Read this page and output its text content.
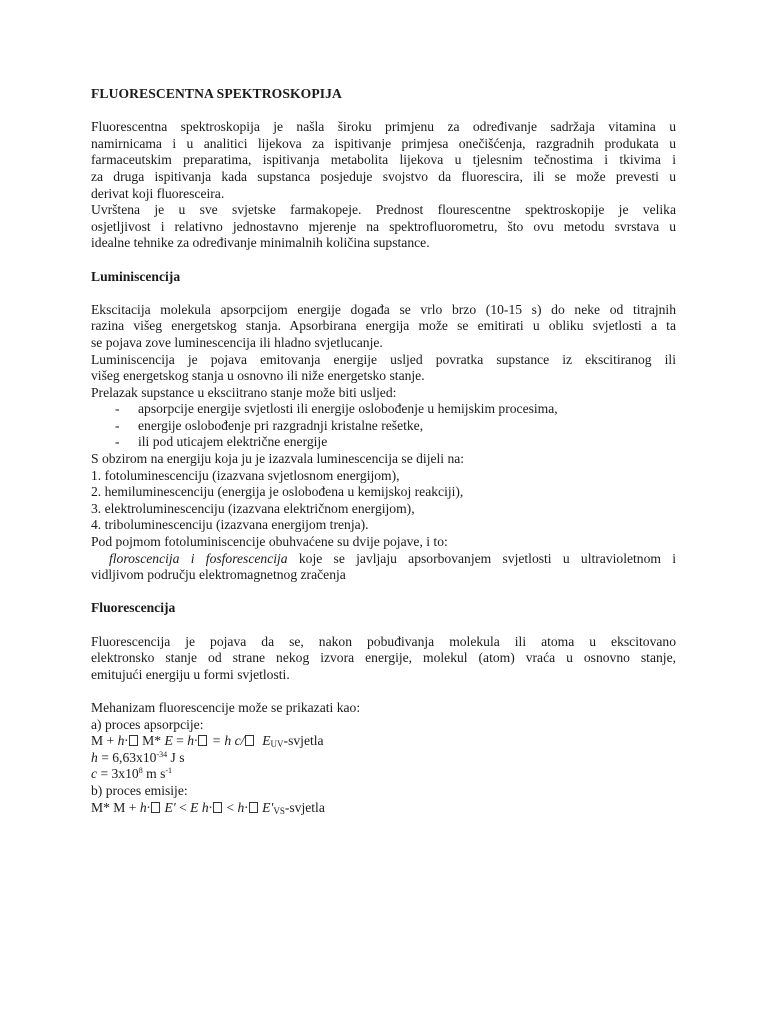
FLUORESCENTNA SPEKTROSKOPIJA
Fluorescentna spektroskopija je našla široku primjenu za određivanje sadržaja vitamina u
namirnicama i u analitici lijekova za ispitivanje primjesa onečišćenja, razgradnih produkata u
farmaceutskim preparatima, ispitivanja metabolita lijekova u tjelesnim tečnostima i tkivima i
za druga ispitivanja kada supstanca posjeduje svojstvo da fluorescira, ili se može prevesti u
derivat koji fluoresceira.
Uvrštena je u sve svjetske farmakopeje. Prednost flourescentne spektroskopije je velika
osjetljivost i relativno jednostavno mjerenje na spektrofluorometru, što ovu metodu svrstava u
idealne tehnike za određivanje minimalnih količina supstance.
Luminiscencija
Ekscitacija molekula apsorpcijom energije događa se vrlo brzo (10-15 s) do neke od titrajnih
razina višeg energetskog stanja. Apsorbirana energija može se emitirati u obliku svjetlosti a ta
se pojava zove luminescencija ili hladno svjetlucanje.
Luminiscencija je pojava emitovanja energije usljed povratka supstance iz ekscitiranog ili
višeg energetskog stanja u osnovno ili niže energetsko stanje.
Prelazak supstance u eksciitrano stanje može biti usljed:
- apsorpcije energije svjetlosti ili energije oslobođenje u hemijskim procesima,
- energije oslobođenje pri razgradnji kristalne rešetke,
- ili pod uticajem električne energije
S obzirom na energiju koja ju je izazvala luminescencija se dijeli na:
1. fotoluminescenciju (izazvana svjetlosnom energijom),
2. hemiluminescenciju (energija je oslobođena u kemijskoj reakciji),
3. elektroluminescenciju (izazvana električnom energijom),
4. triboluminescenciju (izazvana energijom trenja).
Pod pojmom fotoluminiscencije obuhvaćene su dvije pojave, i to:
floroscencija i fosforescencija koje se javljaju apsorbovanjem svjetlosti u ultravioletnom i
vidljivom području elektromagnetnog zračenja
Fluorescencija
Fluorescencija je pojava da se, nakon pobuđivanja molekula ili atoma u ekscitovano
elektronsko stanje od strane nekog izvora energije, molekul (atom) vraća u osnovno stanje,
emitujući energiju u formi svjetlosti.
Mehanizam fluorescencije može se prikazati kao:
a) proces apsorpcije:
M + h· M* E = h· = h c/ $E_{UV}$-svjetla
$h = 6,63x10^{-34}$ J s
$c = 3x10^8$ m $s^{-1}$
b) proces emisije:
M* M + h· E' < E $h\cdot < h\cdot E'_{VS}$-svjetla
